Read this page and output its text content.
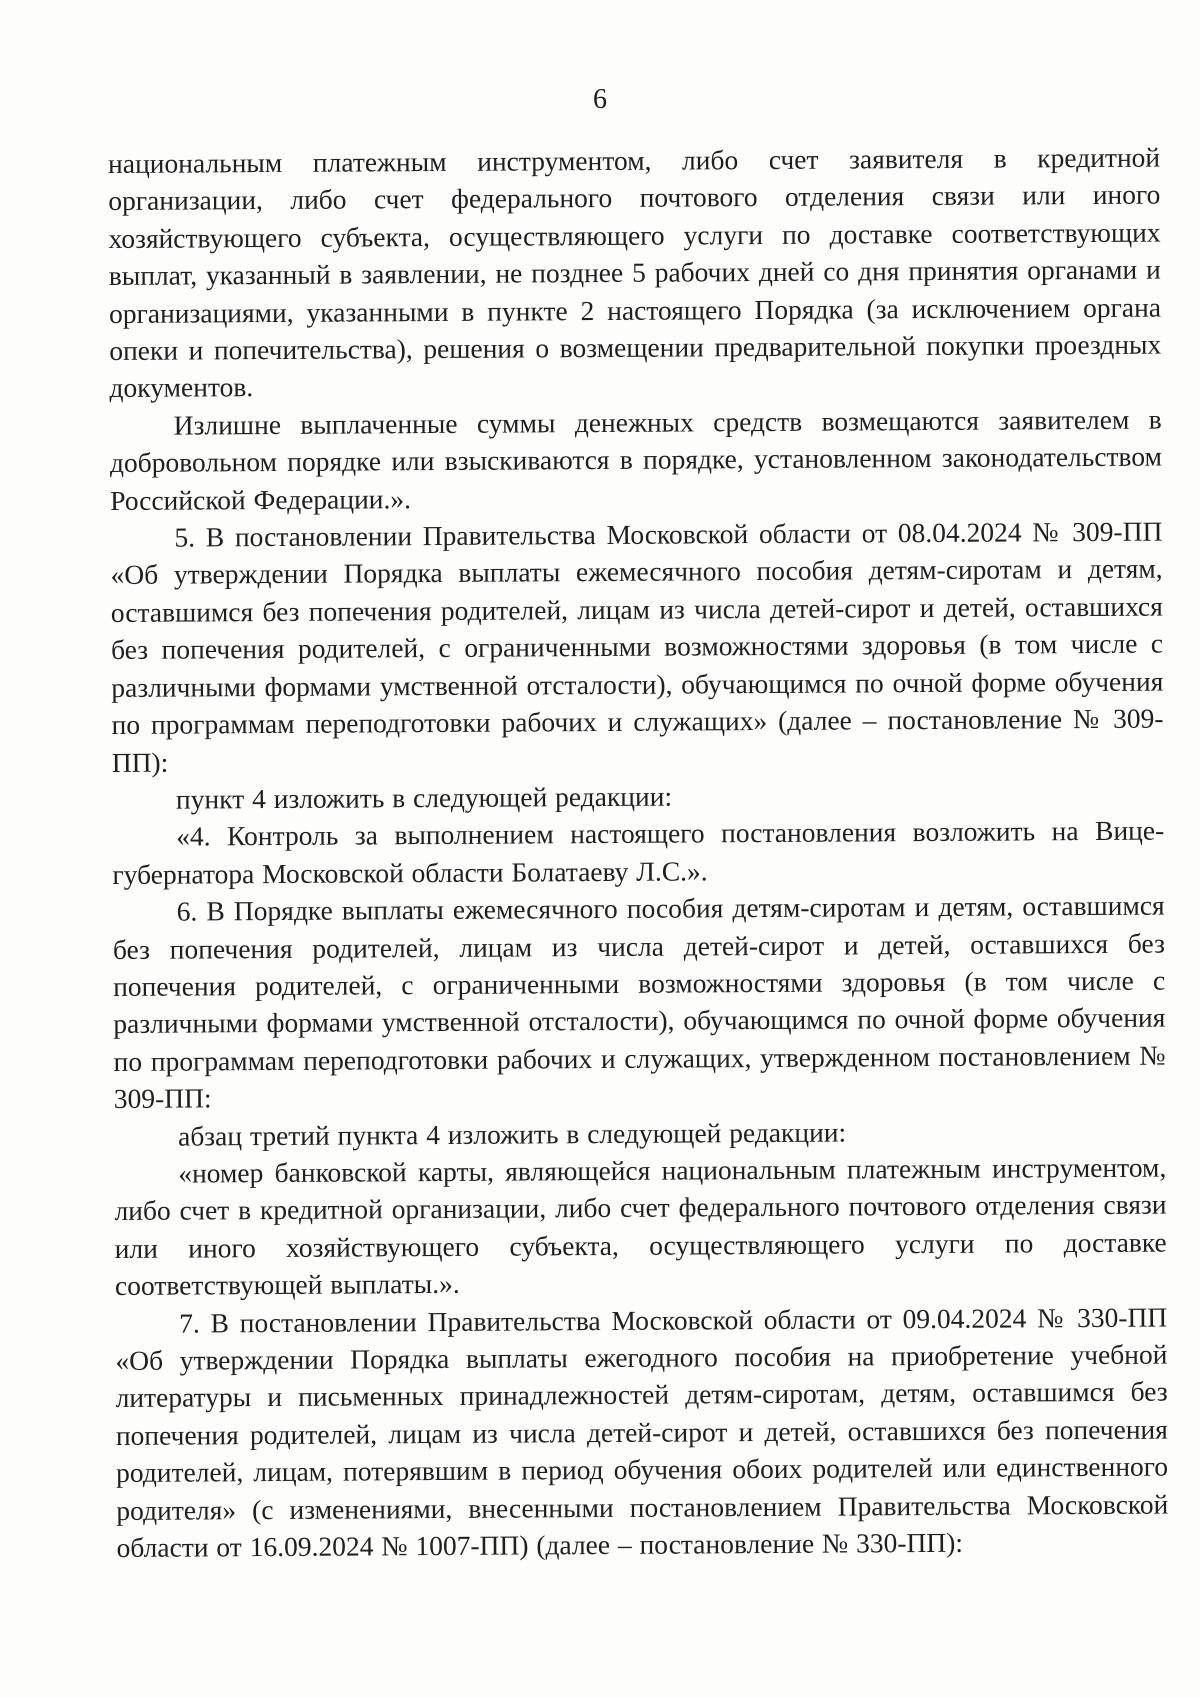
6

национальным платежным инструментом, либо счет заявителя в кредитной организации, либо счет федерального почтового отделения связи или иного хозяйствующего субъекта, осуществляющего услуги по доставке соответствующих выплат, указанный в заявлении, не позднее 5 рабочих дней со дня принятия органами и организациями, указанными в пункте 2 настоящего Порядка (за исключением органа опеки и попечительства), решения о возмещении предварительной покупки проездных документов.

Излишне выплаченные суммы денежных средств возмещаются заявителем в добровольном порядке или взыскиваются в порядке, установленном законодательством Российской Федерации.».

5. В постановлении Правительства Московской области от 08.04.2024 № 309-ПП «Об утверждении Порядка выплаты ежемесячного пособия детям-сиротам и детям, оставшимся без попечения родителей, лицам из числа детей-сирот и детей, оставшихся без попечения родителей, с ограниченными возможностями здоровья (в том числе с различными формами умственной отсталости), обучающимся по очной форме обучения по программам переподготовки рабочих и служащих» (далее – постановление № 309-ПП):

пункт 4 изложить в следующей редакции:

«4. Контроль за выполнением настоящего постановления возложить на Вице-губернатора Московской области Болатаеву Л.С.».

6. В Порядке выплаты ежемесячного пособия детям-сиротам и детям, оставшимся без попечения родителей, лицам из числа детей-сирот и детей, оставшихся без попечения родителей, с ограниченными возможностями здоровья (в том числе с различными формами умственной отсталости), обучающимся по очной форме обучения по программам переподготовки рабочих и служащих, утвержденном постановлением № 309-ПП:

абзац третий пункта 4 изложить в следующей редакции:

«номер банковской карты, являющейся национальным платежным инструментом, либо счет в кредитной организации, либо счет федерального почтового отделения связи или иного хозяйствующего субъекта, осуществляющего услуги по доставке соответствующей выплаты.».

7. В постановлении Правительства Московской области от 09.04.2024 № 330-ПП «Об утверждении Порядка выплаты ежегодного пособия на приобретение учебной литературы и письменных принадлежностей детям-сиротам, детям, оставшимся без попечения родителей, лицам из числа детей-сирот и детей, оставшихся без попечения родителей, лицам, потерявшим в период обучения обоих родителей или единственного родителя» (с изменениями, внесенными постановлением Правительства Московской области от 16.09.2024 № 1007-ПП) (далее – постановление № 330-ПП):
